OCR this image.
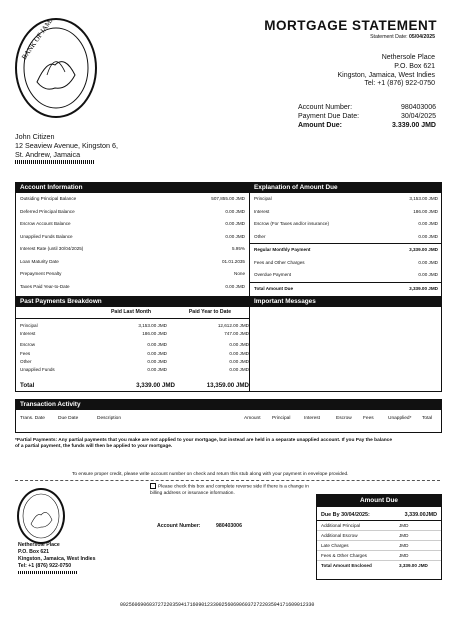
BANK OF JAMAICA	MORTGAGE STATEMENT
Statement Date: 05/04/2025
Nethersole Place
P.O. Box 621
Kingston, Jamaica, West Indies
Tel: +1 (876) 922-0750
Account Number:	980403006
Payment Due Date:	30/04/2025
Amount Due:	3.339.00 JMD
John Citizen
12 Seaview Avenue, Kingston 6,
St. Andrew, Jamaica
Account Information
Outsiding Principal Balance	507,855.00 JMD
Deferred Principal Balance	0.00 JMD
Escrow Account Balance	0.00 JMD
Unapplied Funds Balance	0.00 JMD
Interest Rate (until 30/04/2025)	5.95%
Loan Maturity Date	01.01.2035
Prepayment Penalty	None
Taxes Paid Year-to-Date	0.00 JMD
Explanation of Amount Due
Principal	3,153.00 JMD
Interest	186.00 JMD
Escrow (For Taxes and/or insurance)	0.00 JMD
Other	0.00 JMD
Regular Monthly Payment	3,339.00 JMD
Fees and Other Charges	0.00 JMD
Overdue Payment	0.00 JMD
Total Amount Due	3,339.00 JMD
Past Payments Breakdown
Paid Last Month	Paid Year to Date
Principal	3,153.00 JMD	12,612.00 JMD
Interest	186.00 JMD	747.00 JMD
Escrow	0.00 JMD	0.00 JMD
Fees	0.00 JMD	0.00 JMD
Other	0.00 JMD	0.00 JMD
Unapplied Funds	0.00 JMD	0.00 JMD
Total	3,339.00 JMD	13,359.00 JMD
Important Messages
Transaction Activity
Trans. Date	Due Date	Description	Amount	Principal	Interest	Escrow	Fees	Unapplied*	Total
*Partial Payments: Any partial payments that you make are not applied to your mortgage, but instead are held in a separate unapplied account. If you Pay the balance of a partial payment, the funds will then be applied to your mortgage.
To ensure proper credit, please write account number on check and return this stub along with your payment in envelope provided.
Please check this box and complete reverse side if there is a change in billing address or insurance information.
Account Number:	980403006
Nethersole Place
P.O. Box 621
Kingston, Jamaica, West Indies
Tel: +1 (876) 922-0750
Amount Due
Due By 30/04/2025:	3,339.00JMD
Additional Principal	JMD
Additional Escrow	JMD
Late Charges	JMD
Fees & Other Charges	JMD
Total Amount Enclosed	3,339.00 JMD
0025606906037272203594171609012330025606906037272203594171609012330
